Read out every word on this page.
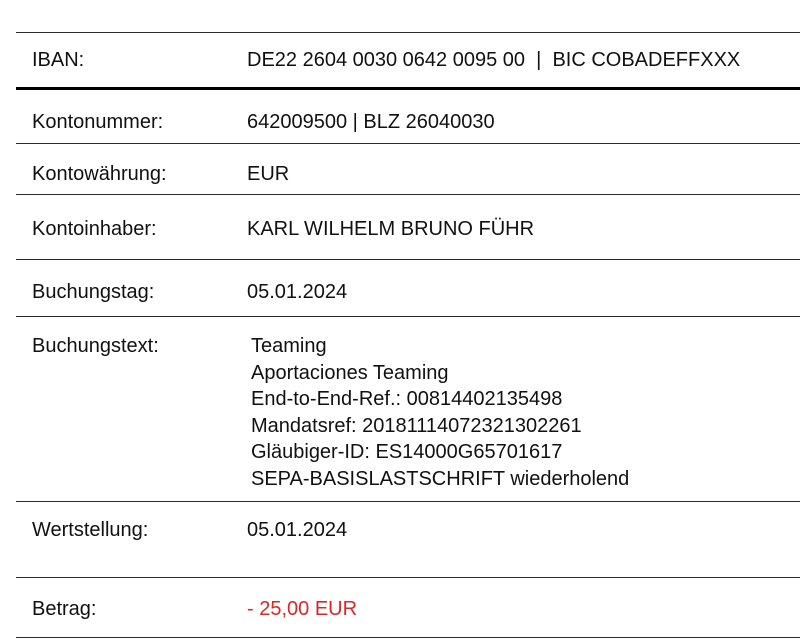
IBAN:	DE22 2604 0030 0642 0095 00  |  BIC COBADEFFXXX
Kontonummer:	642009500 | BLZ 26040030
Kontowährung:	EUR
Kontoinhaber:	KARL WILHELM BRUNO FÜHR
Buchungstag:	05.01.2024
Buchungstext:	Teaming
Aportaciones Teaming
End-to-End-Ref.: 00814402135498
Mandatsref: 20181114072321302261
Gläubiger-ID: ES14000G65701617
SEPA-BASISLASTSCHRIFT wiederholend
Wertstellung:	05.01.2024
Betrag:	- 25,00 EUR
